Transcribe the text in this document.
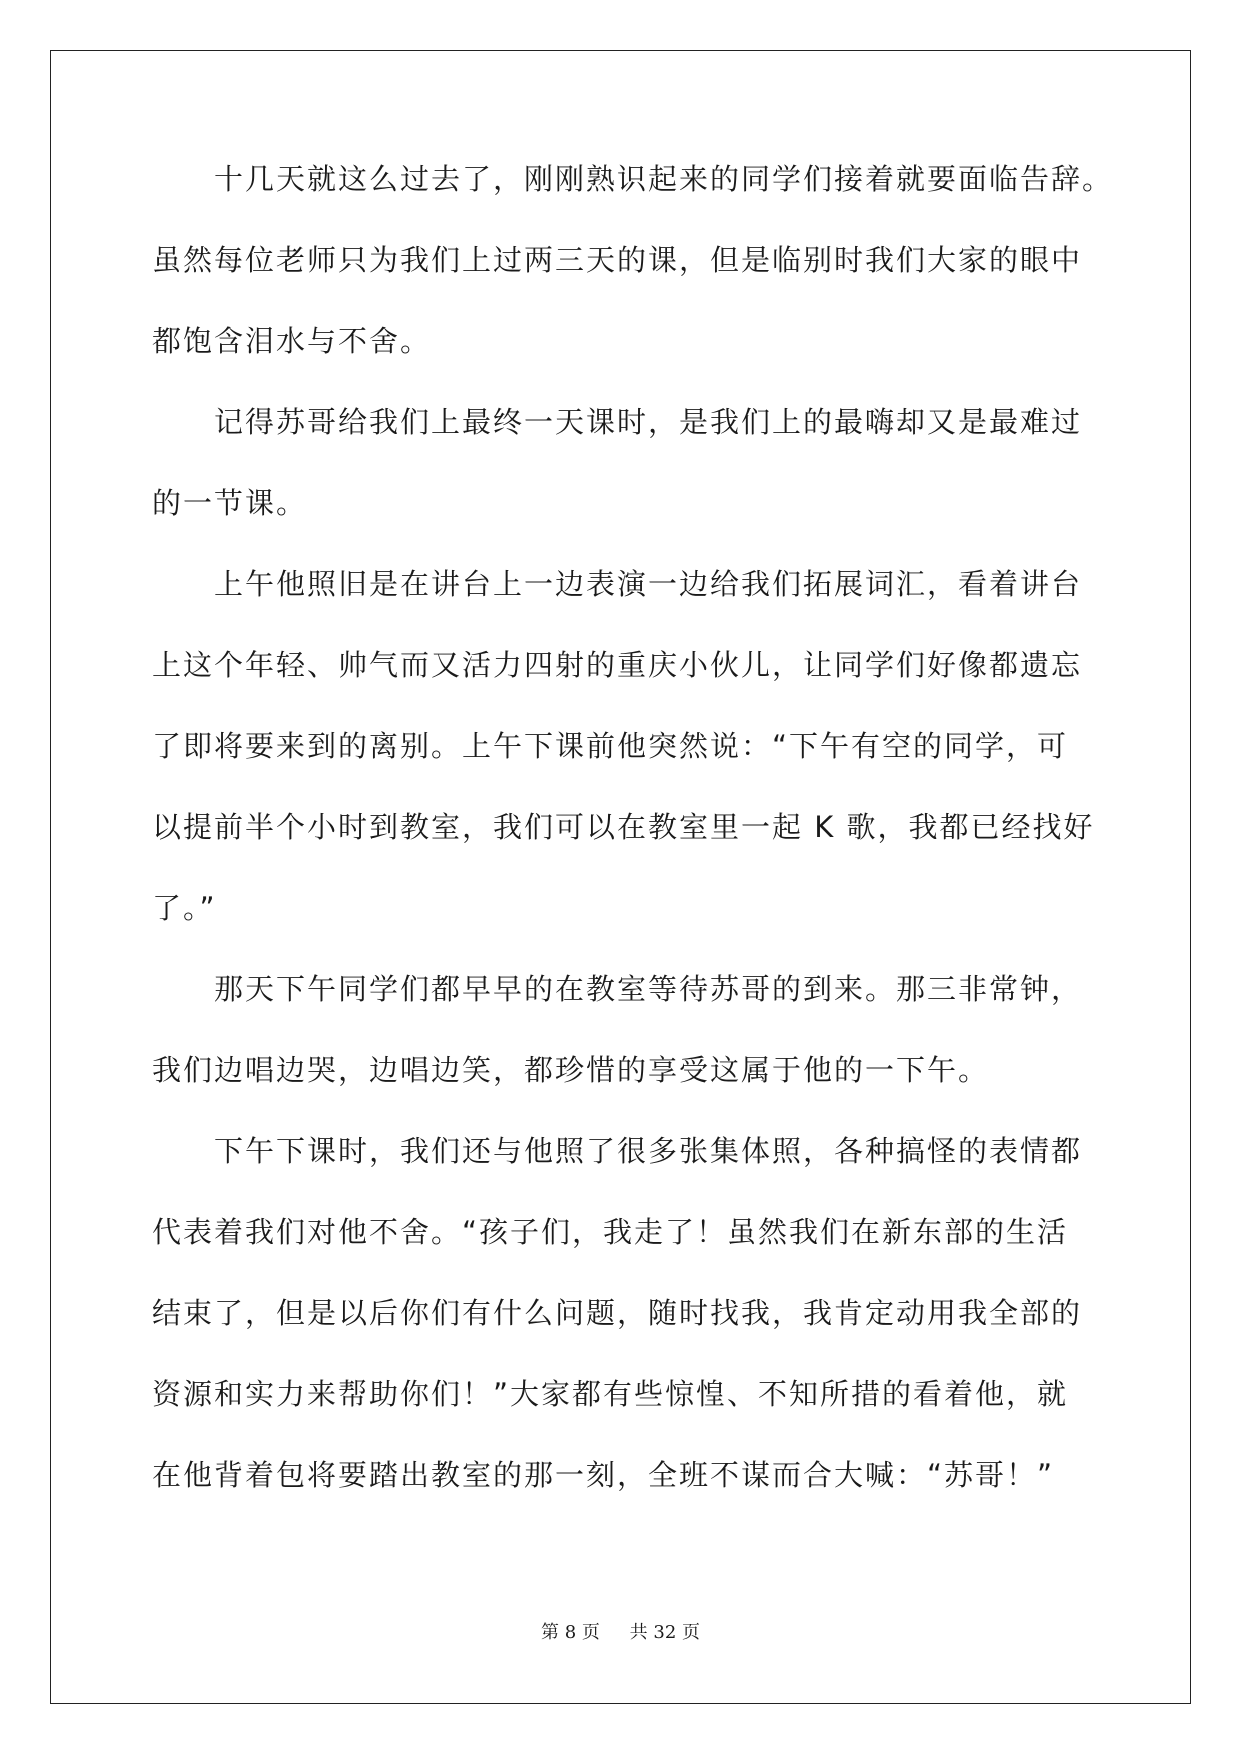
十几天就这么过去了，刚刚熟识起来的同学们接着就要面临告辞。
虽然每位老师只为我们上过两三天的课，但是临别时我们大家的眼中
都饱含泪水与不舍。
记得苏哥给我们上最终一天课时，是我们上的最嗨却又是最难过
的一节课。
上午他照旧是在讲台上一边表演一边给我们拓展词汇，看着讲台
上这个年轻、帅气而又活力四射的重庆小伙儿，让同学们好像都遗忘
了即将要来到的离别。上午下课前他突然说：“下午有空的同学，可
以提前半个小时到教室，我们可以在教室里一起 K 歌，我都已经找好
了。”
那天下午同学们都早早的在教室等待苏哥的到来。那三非常钟，
我们边唱边哭，边唱边笑，都珍惜的享受这属于他的一下午。
下午下课时，我们还与他照了很多张集体照，各种搞怪的表情都
代表着我们对他不舍。“孩子们，我走了！虽然我们在新东部的生活
结束了，但是以后你们有什么问题，随时找我，我肯定动用我全部的
资源和实力来帮助你们！”大家都有些惊惶、不知所措的看着他，就
在他背着包将要踏出教室的那一刻，全班不谋而合大喊：“苏哥！”
第 8 页 共 32 页
